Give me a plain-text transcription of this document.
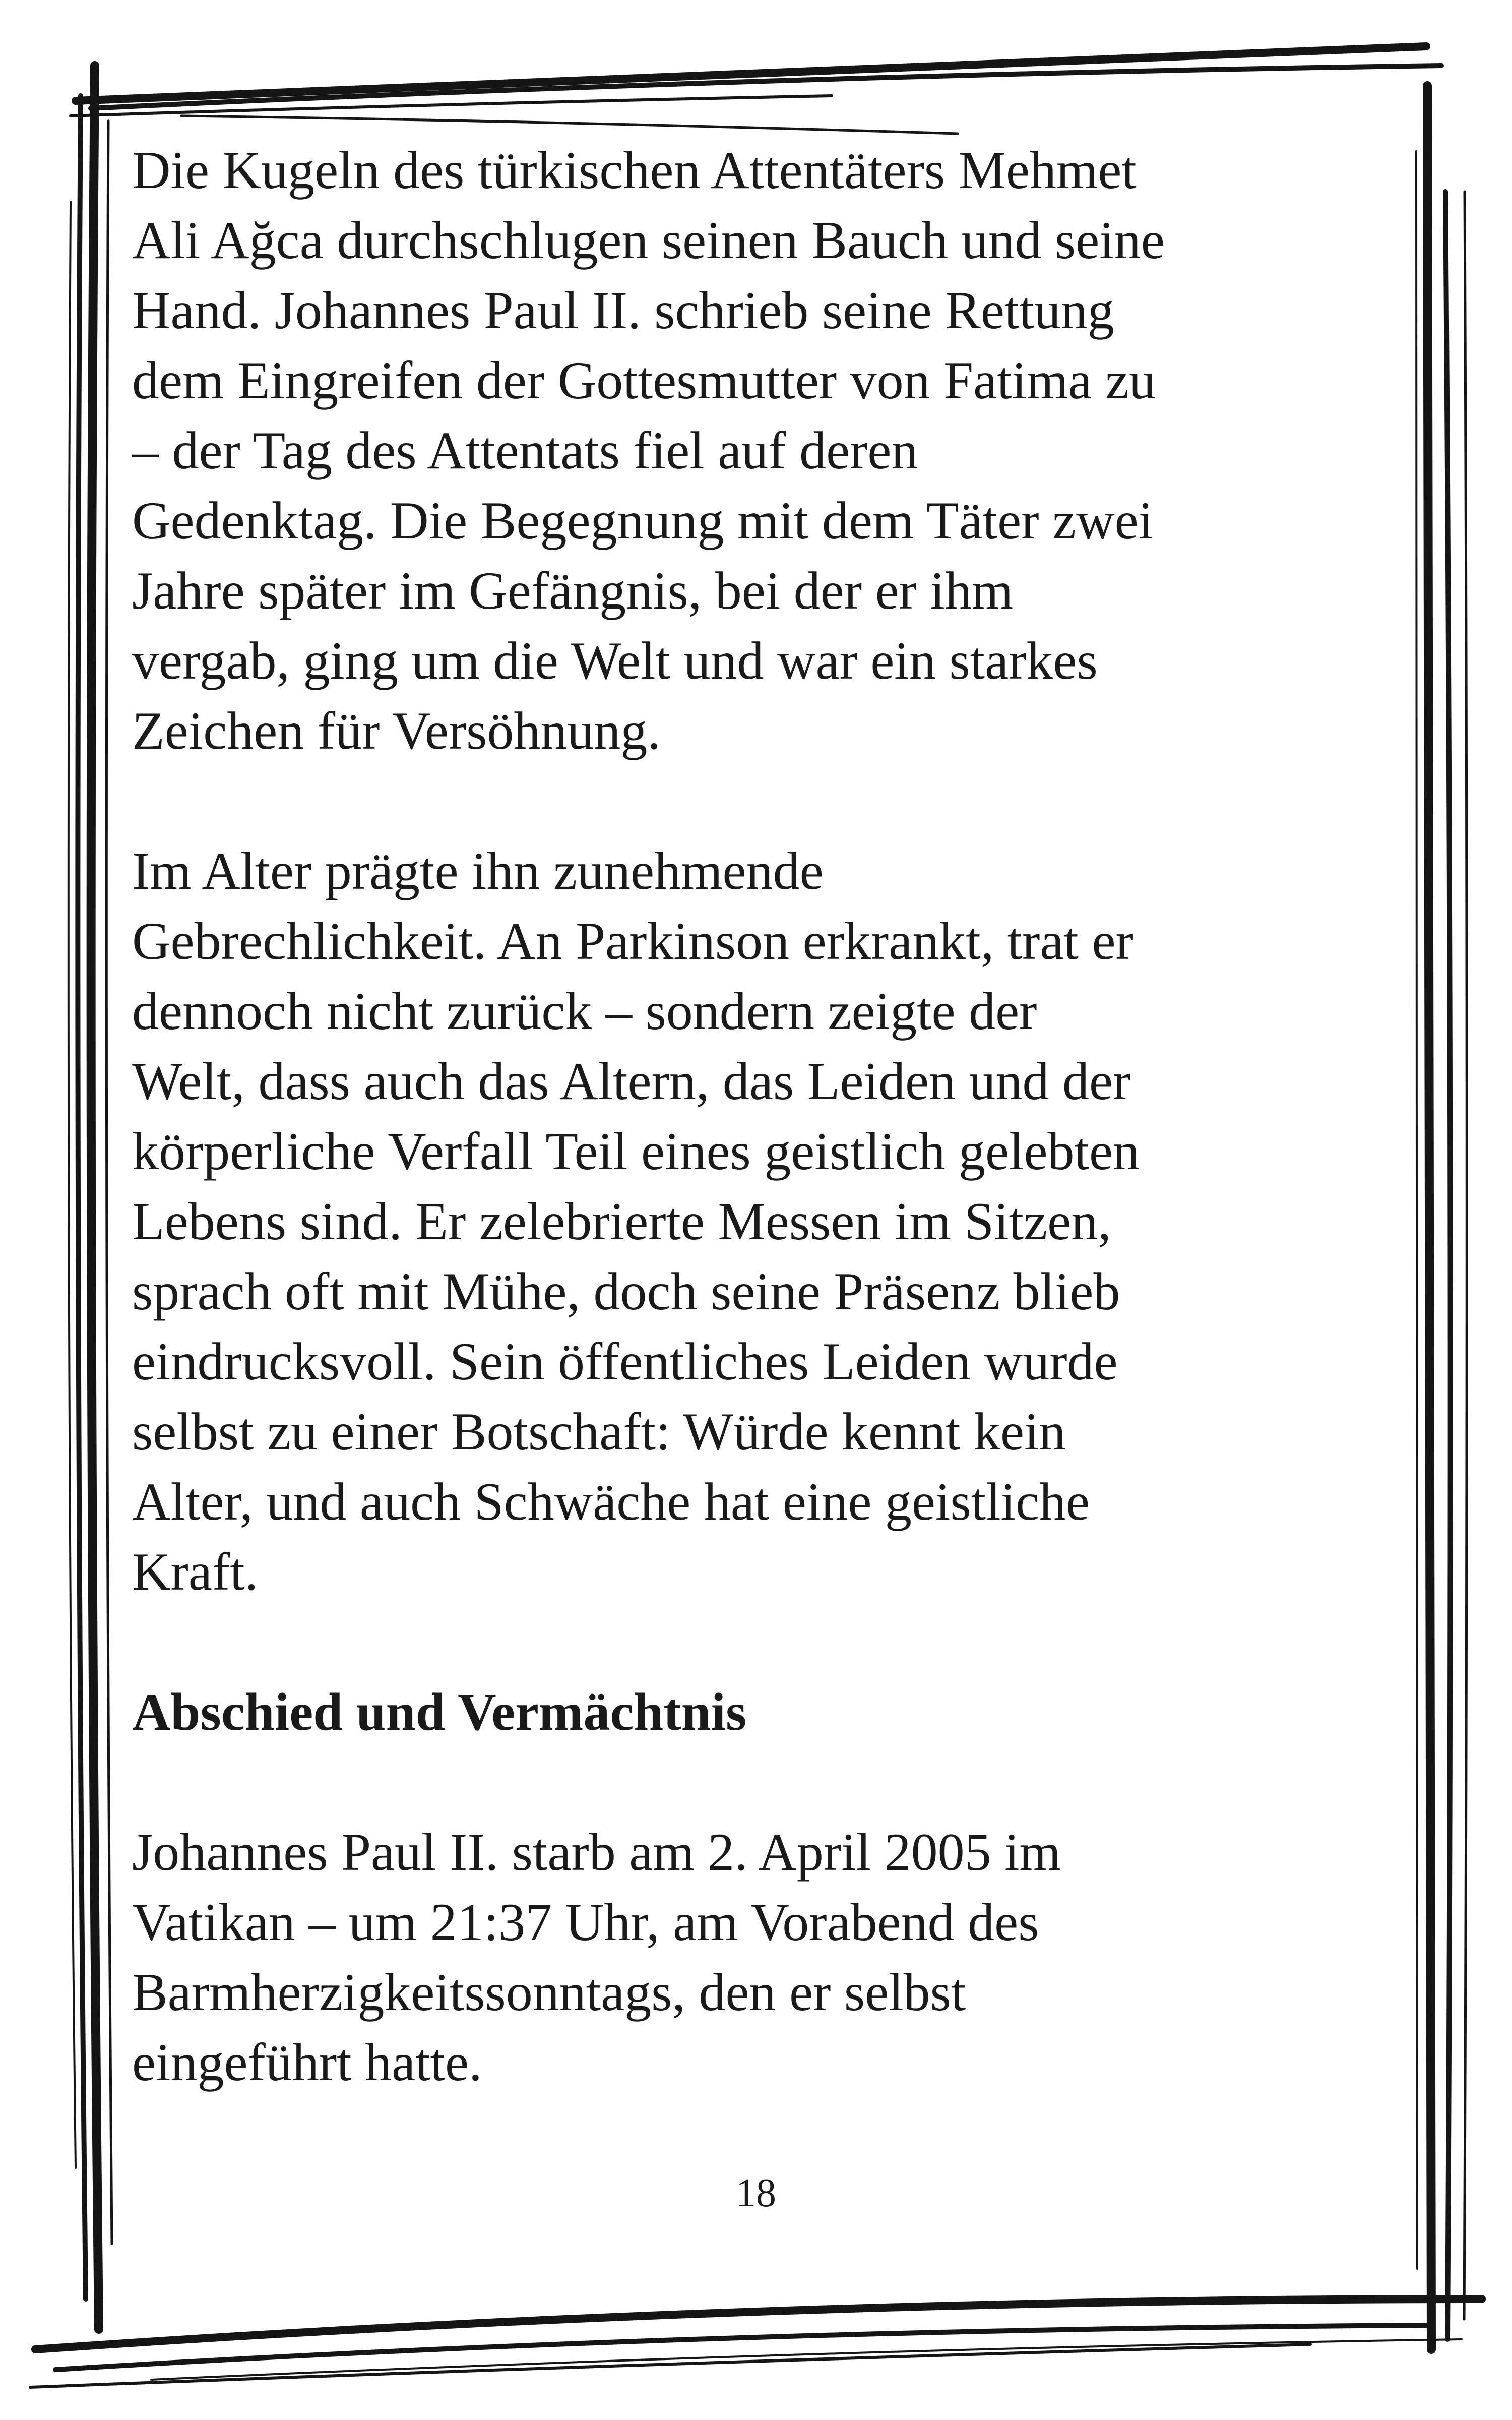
Die Kugeln des türkischen Attentäters Mehmet
Ali Ağca durchschlugen seinen Bauch und seine
Hand. Johannes Paul II. schrieb seine Rettung
dem Eingreifen der Gottesmutter von Fatima zu
– der Tag des Attentats fiel auf deren
Gedenktag. Die Begegnung mit dem Täter zwei
Jahre später im Gefängnis, bei der er ihm
vergab, ging um die Welt und war ein starkes
Zeichen für Versöhnung.

Im Alter prägte ihn zunehmende
Gebrechlichkeit. An Parkinson erkrankt, trat er
dennoch nicht zurück – sondern zeigte der
Welt, dass auch das Altern, das Leiden und der
körperliche Verfall Teil eines geistlich gelebten
Lebens sind. Er zelebrierte Messen im Sitzen,
sprach oft mit Mühe, doch seine Präsenz blieb
eindrucksvoll. Sein öffentliches Leiden wurde
selbst zu einer Botschaft: Würde kennt kein
Alter, und auch Schwäche hat eine geistliche
Kraft.

Abschied und Vermächtnis

Johannes Paul II. starb am 2. April 2005 im
Vatikan – um 21:37 Uhr, am Vorabend des
Barmherzigkeitssonntags, den er selbst
eingeführt hatte.

18
